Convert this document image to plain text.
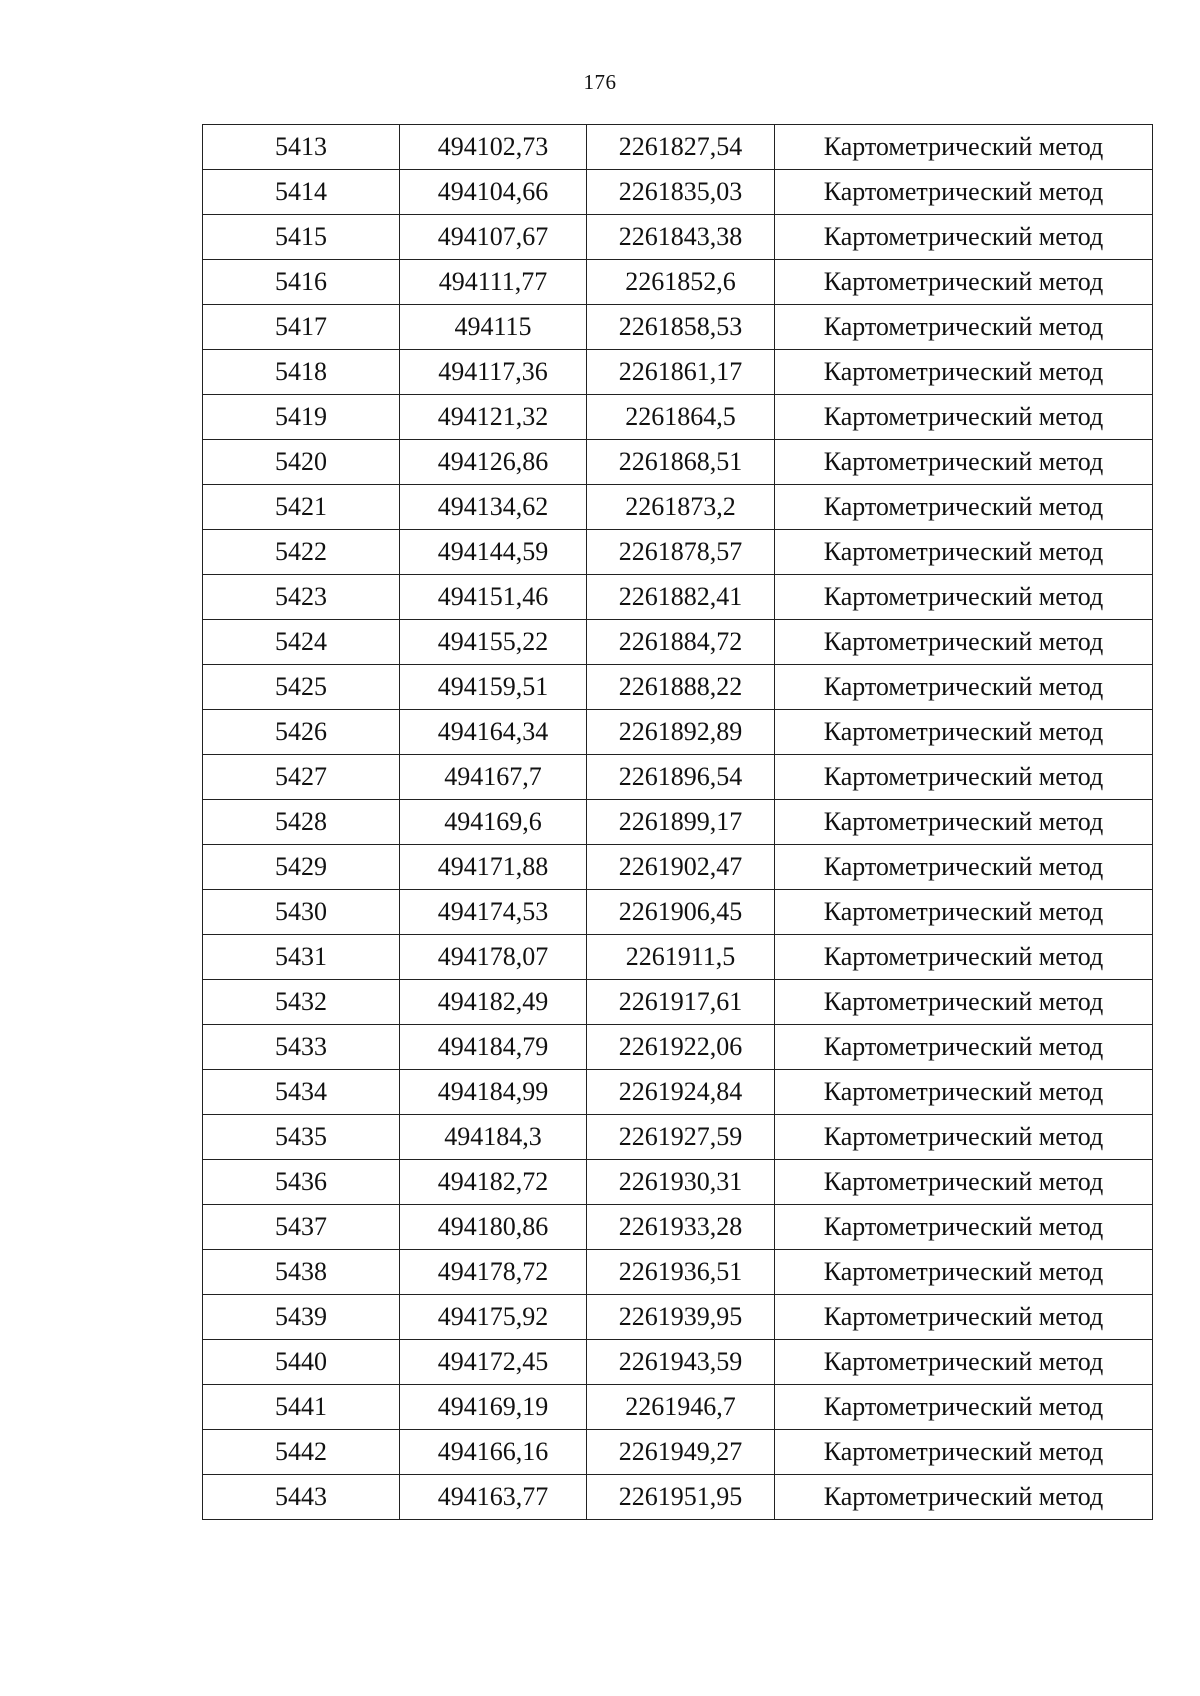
176
5413	494102,73	2261827,54	Картометрический метод
5414	494104,66	2261835,03	Картометрический метод
5415	494107,67	2261843,38	Картометрический метод
5416	494111,77	2261852,6	Картометрический метод
5417	494115	2261858,53	Картометрический метод
5418	494117,36	2261861,17	Картометрический метод
5419	494121,32	2261864,5	Картометрический метод
5420	494126,86	2261868,51	Картометрический метод
5421	494134,62	2261873,2	Картометрический метод
5422	494144,59	2261878,57	Картометрический метод
5423	494151,46	2261882,41	Картометрический метод
5424	494155,22	2261884,72	Картометрический метод
5425	494159,51	2261888,22	Картометрический метод
5426	494164,34	2261892,89	Картометрический метод
5427	494167,7	2261896,54	Картометрический метод
5428	494169,6	2261899,17	Картометрический метод
5429	494171,88	2261902,47	Картометрический метод
5430	494174,53	2261906,45	Картометрический метод
5431	494178,07	2261911,5	Картометрический метод
5432	494182,49	2261917,61	Картометрический метод
5433	494184,79	2261922,06	Картометрический метод
5434	494184,99	2261924,84	Картометрический метод
5435	494184,3	2261927,59	Картометрический метод
5436	494182,72	2261930,31	Картометрический метод
5437	494180,86	2261933,28	Картометрический метод
5438	494178,72	2261936,51	Картометрический метод
5439	494175,92	2261939,95	Картометрический метод
5440	494172,45	2261943,59	Картометрический метод
5441	494169,19	2261946,7	Картометрический метод
5442	494166,16	2261949,27	Картометрический метод
5443	494163,77	2261951,95	Картометрический метод
